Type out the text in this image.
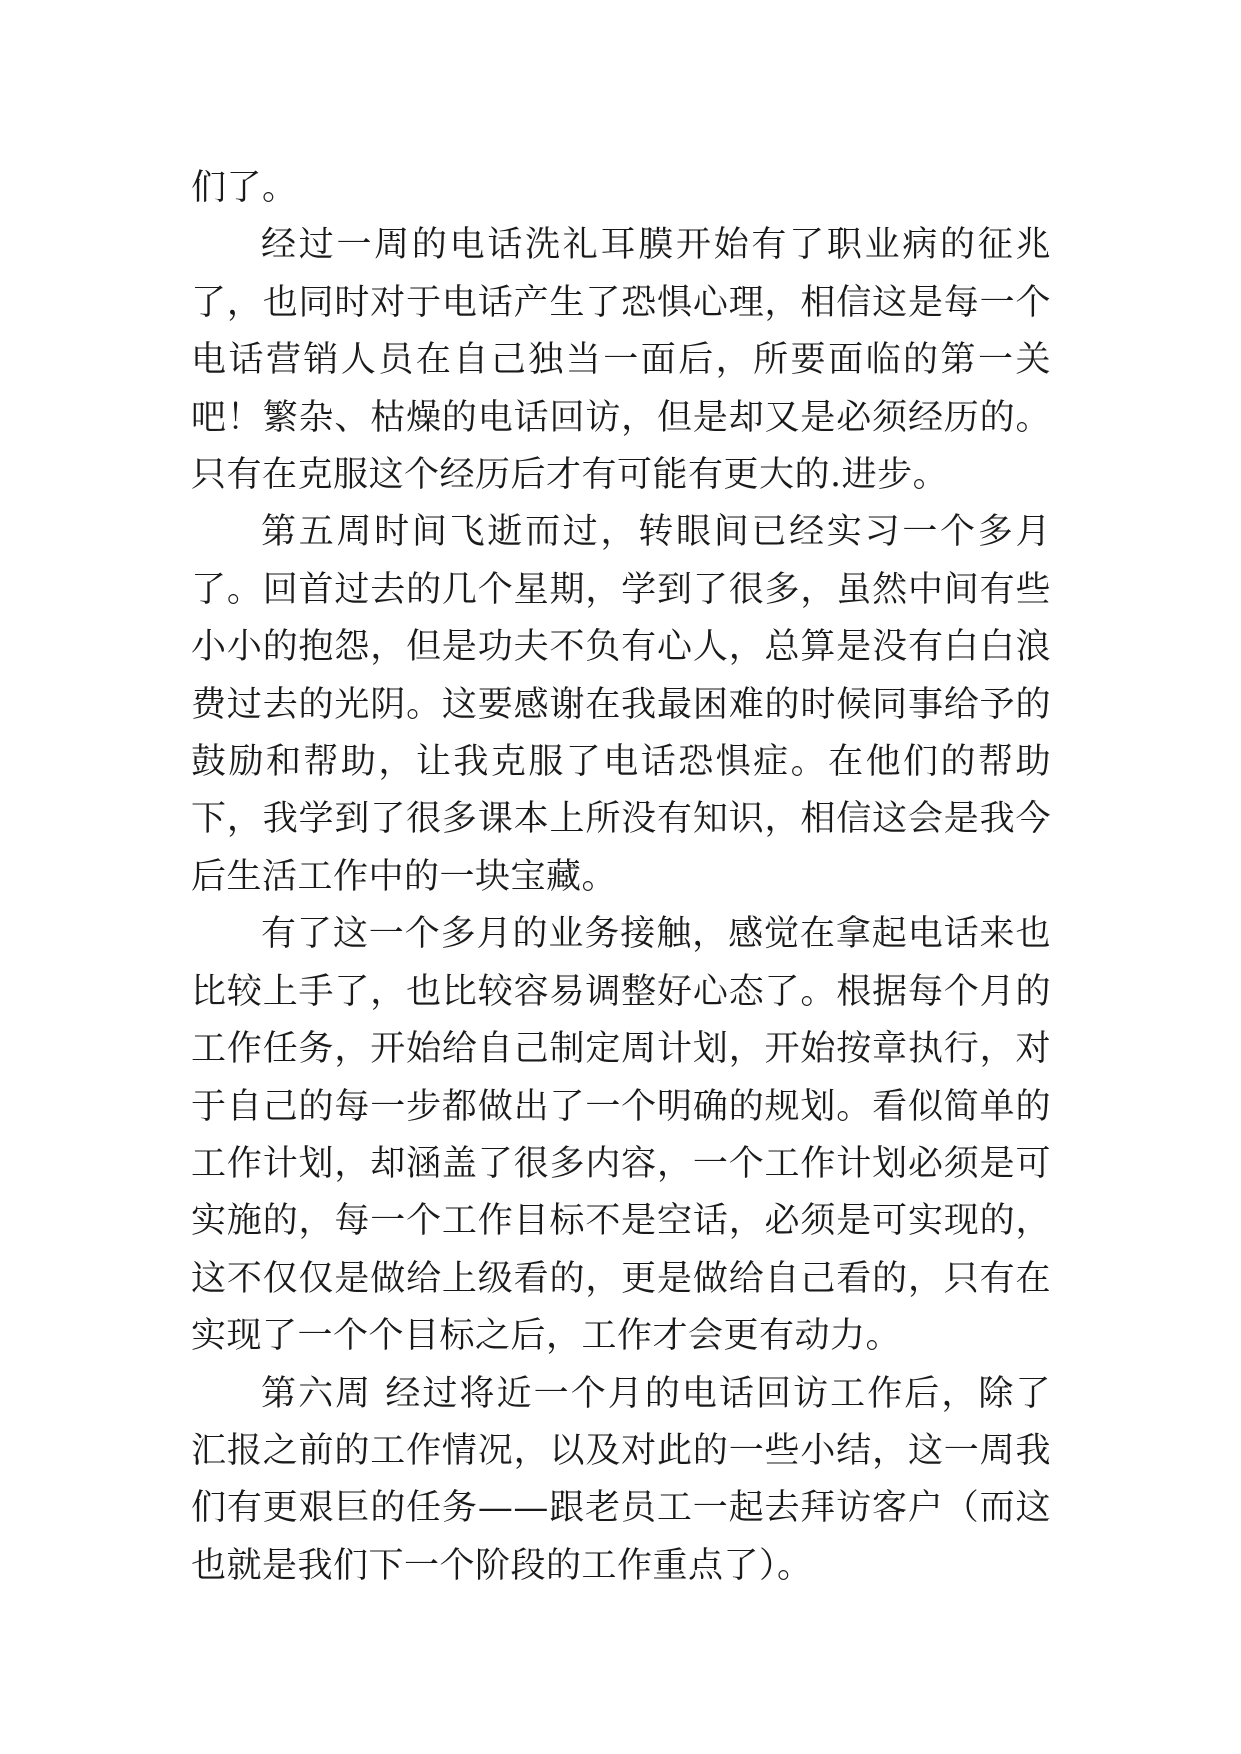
们了。

经过一周的电话洗礼耳膜开始有了职业病的征兆了，也同时对于电话产生了恐惧心理，相信这是每一个电话营销人员在自己独当一面后，所要面临的第一关吧！繁杂、枯燥的电话回访，但是却又是必须经历的。只有在克服这个经历后才有可能有更大的.进步。

第五周时间飞逝而过，转眼间已经实习一个多月了。回首过去的几个星期，学到了很多，虽然中间有些小小的抱怨，但是功夫不负有心人，总算是没有白白浪费过去的光阴。这要感谢在我最困难的时候同事给予的鼓励和帮助，让我克服了电话恐惧症。在他们的帮助下，我学到了很多课本上所没有知识，相信这会是我今后生活工作中的一块宝藏。

有了这一个多月的业务接触，感觉在拿起电话来也比较上手了，也比较容易调整好心态了。根据每个月的工作任务，开始给自己制定周计划，开始按章执行，对于自己的每一步都做出了一个明确的规划。看似简单的工作计划，却涵盖了很多内容，一个工作计划必须是可实施的，每一个工作目标不是空话，必须是可实现的，这不仅仅是做给上级看的，更是做给自己看的，只有在实现了一个个目标之后，工作才会更有动力。

第六周 经过将近一个月的电话回访工作后，除了汇报之前的工作情况，以及对此的一些小结，这一周我们有更艰巨的任务——跟老员工一起去拜访客户（而这也就是我们下一个阶段的工作重点了）。
